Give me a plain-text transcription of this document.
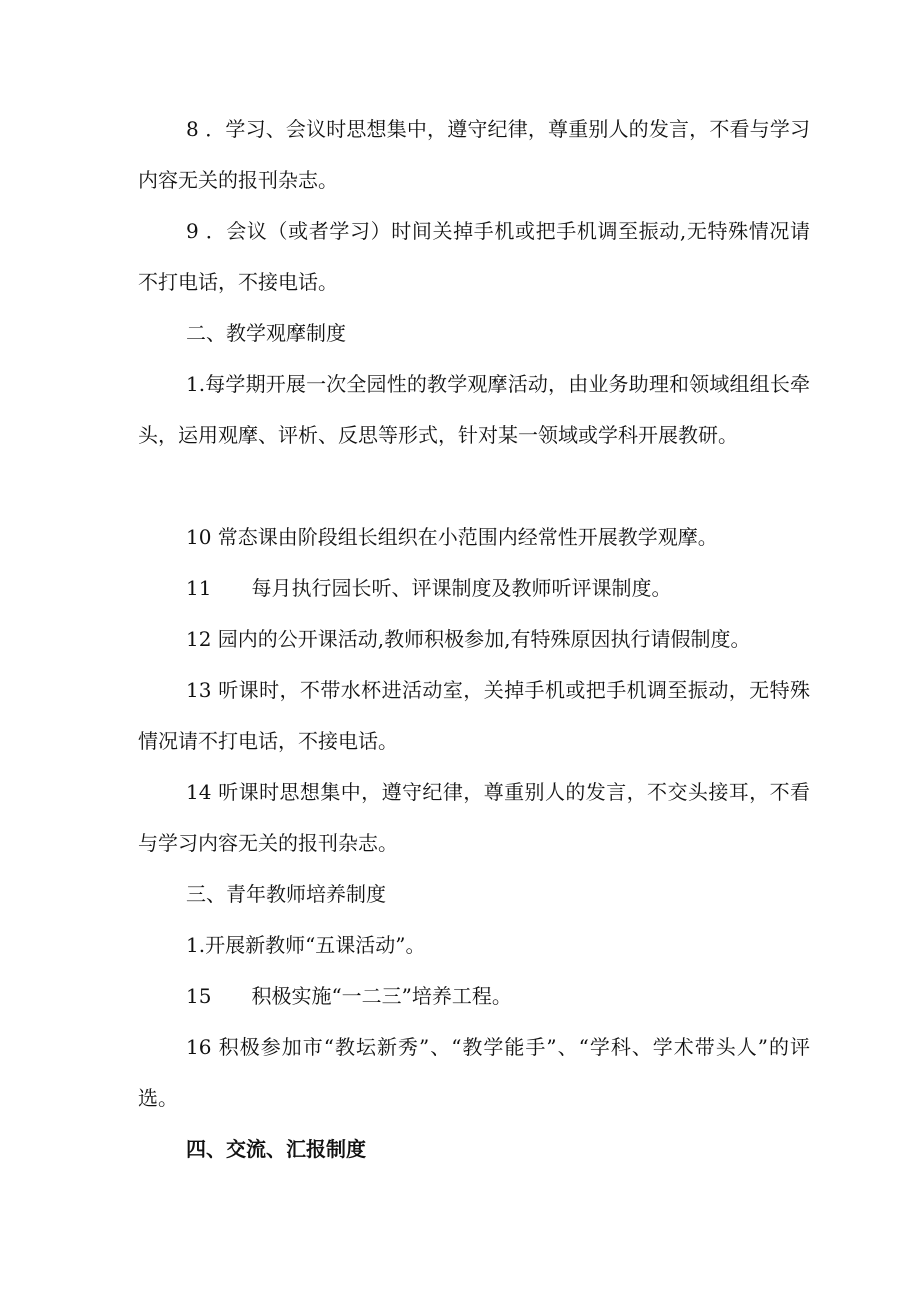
8 ．学习、会议时思想集中，遵守纪律，尊重别人的发言，不看与学习内容无关的报刊杂志。

9 ．会议（或者学习）时间关掉手机或把手机调至振动,无特殊情况请不打电话，不接电话。

二、教学观摩制度

1.每学期开展一次全园性的教学观摩活动，由业务助理和领域组组长牵头，运用观摩、评析、反思等形式，针对某一领域或学科开展教研。

10 常态课由阶段组长组织在小范围内经常性开展教学观摩。

11　　每月执行园长听、评课制度及教师听评课制度。

12 园内的公开课活动,教师积极参加,有特殊原因执行请假制度。

13 听课时，不带水杯进活动室，关掉手机或把手机调至振动，无特殊情况请不打电话，不接电话。

14 听课时思想集中，遵守纪律，尊重别人的发言，不交头接耳，不看与学习内容无关的报刊杂志。

三、青年教师培养制度

1.开展新教师“五课活动”。

15　　积极实施“一二三”培养工程。

16 积极参加市“教坛新秀”、“教学能手”、“学科、学术带头人”的评选。

四、交流、汇报制度
